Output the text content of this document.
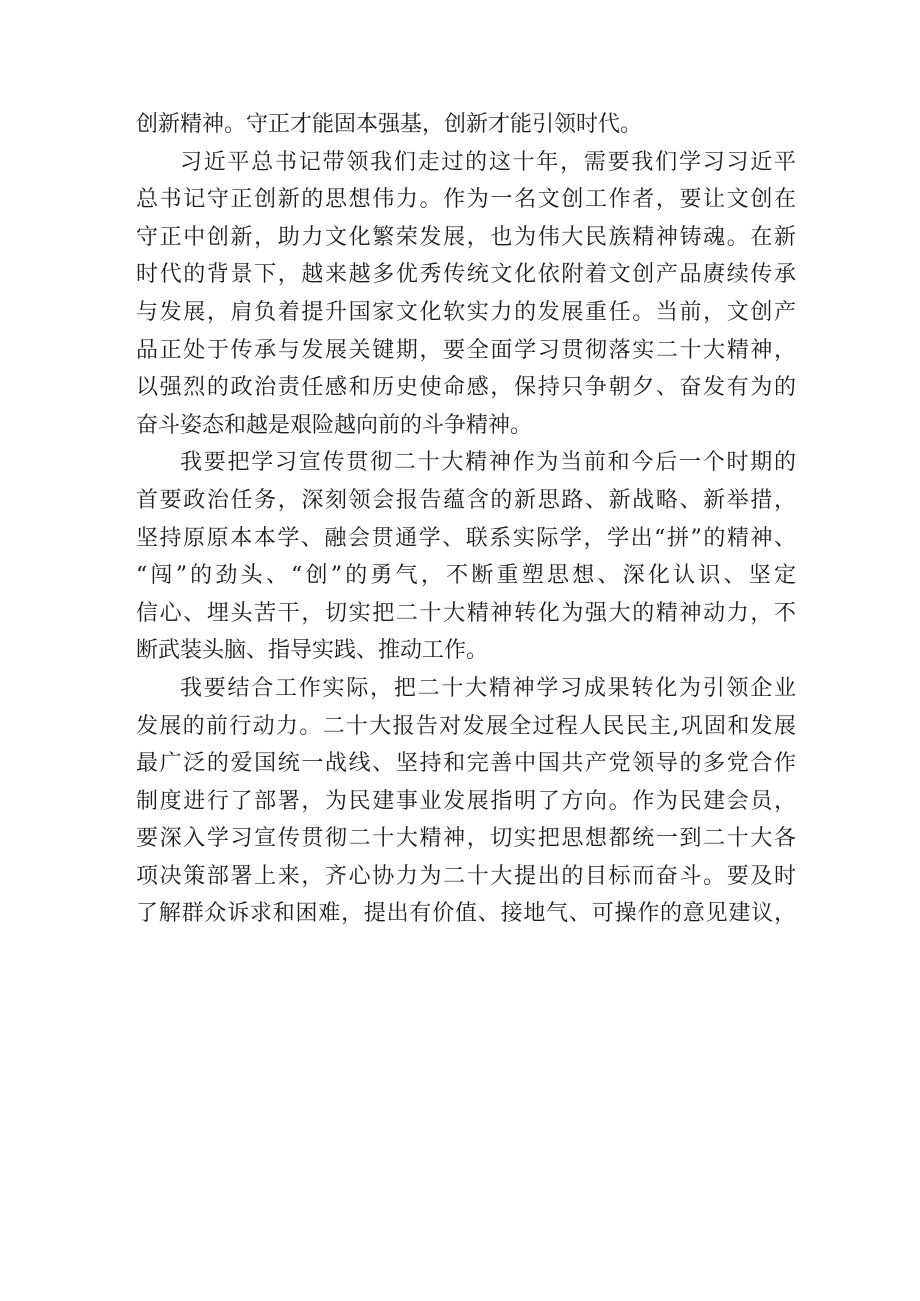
创新精神。守正才能固本强基，创新才能引领时代。
习近平总书记带领我们走过的这十年，需要我们学习习近平
总书记守正创新的思想伟力。作为一名文创工作者，要让文创在
守正中创新，助力文化繁荣发展，也为伟大民族精神铸魂。在新
时代的背景下，越来越多优秀传统文化依附着文创产品赓续传承
与发展，肩负着提升国家文化软实力的发展重任。当前，文创产
品正处于传承与发展关键期，要全面学习贯彻落实二十大精神，
以强烈的政治责任感和历史使命感，保持只争朝夕、奋发有为的
奋斗姿态和越是艰险越向前的斗争精神。
我要把学习宣传贯彻二十大精神作为当前和今后一个时期的
首要政治任务，深刻领会报告蕴含的新思路、新战略、新举措，
坚持原原本本学、融会贯通学、联系实际学，学出“拼”的精神、
“闯”的劲头、“创”的勇气，不断重塑思想、深化认识、坚定
信心、埋头苦干，切实把二十大精神转化为强大的精神动力，不
断武装头脑、指导实践、推动工作。
我要结合工作实际，把二十大精神学习成果转化为引领企业
发展的前行动力。二十大报告对发展全过程人民民主,巩固和发展
最广泛的爱国统一战线、坚持和完善中国共产党领导的多党合作
制度进行了部署，为民建事业发展指明了方向。作为民建会员，
要深入学习宣传贯彻二十大精神，切实把思想都统一到二十大各
项决策部署上来，齐心协力为二十大提出的目标而奋斗。要及时
了解群众诉求和困难，提出有价值、接地气、可操作的意见建议，
